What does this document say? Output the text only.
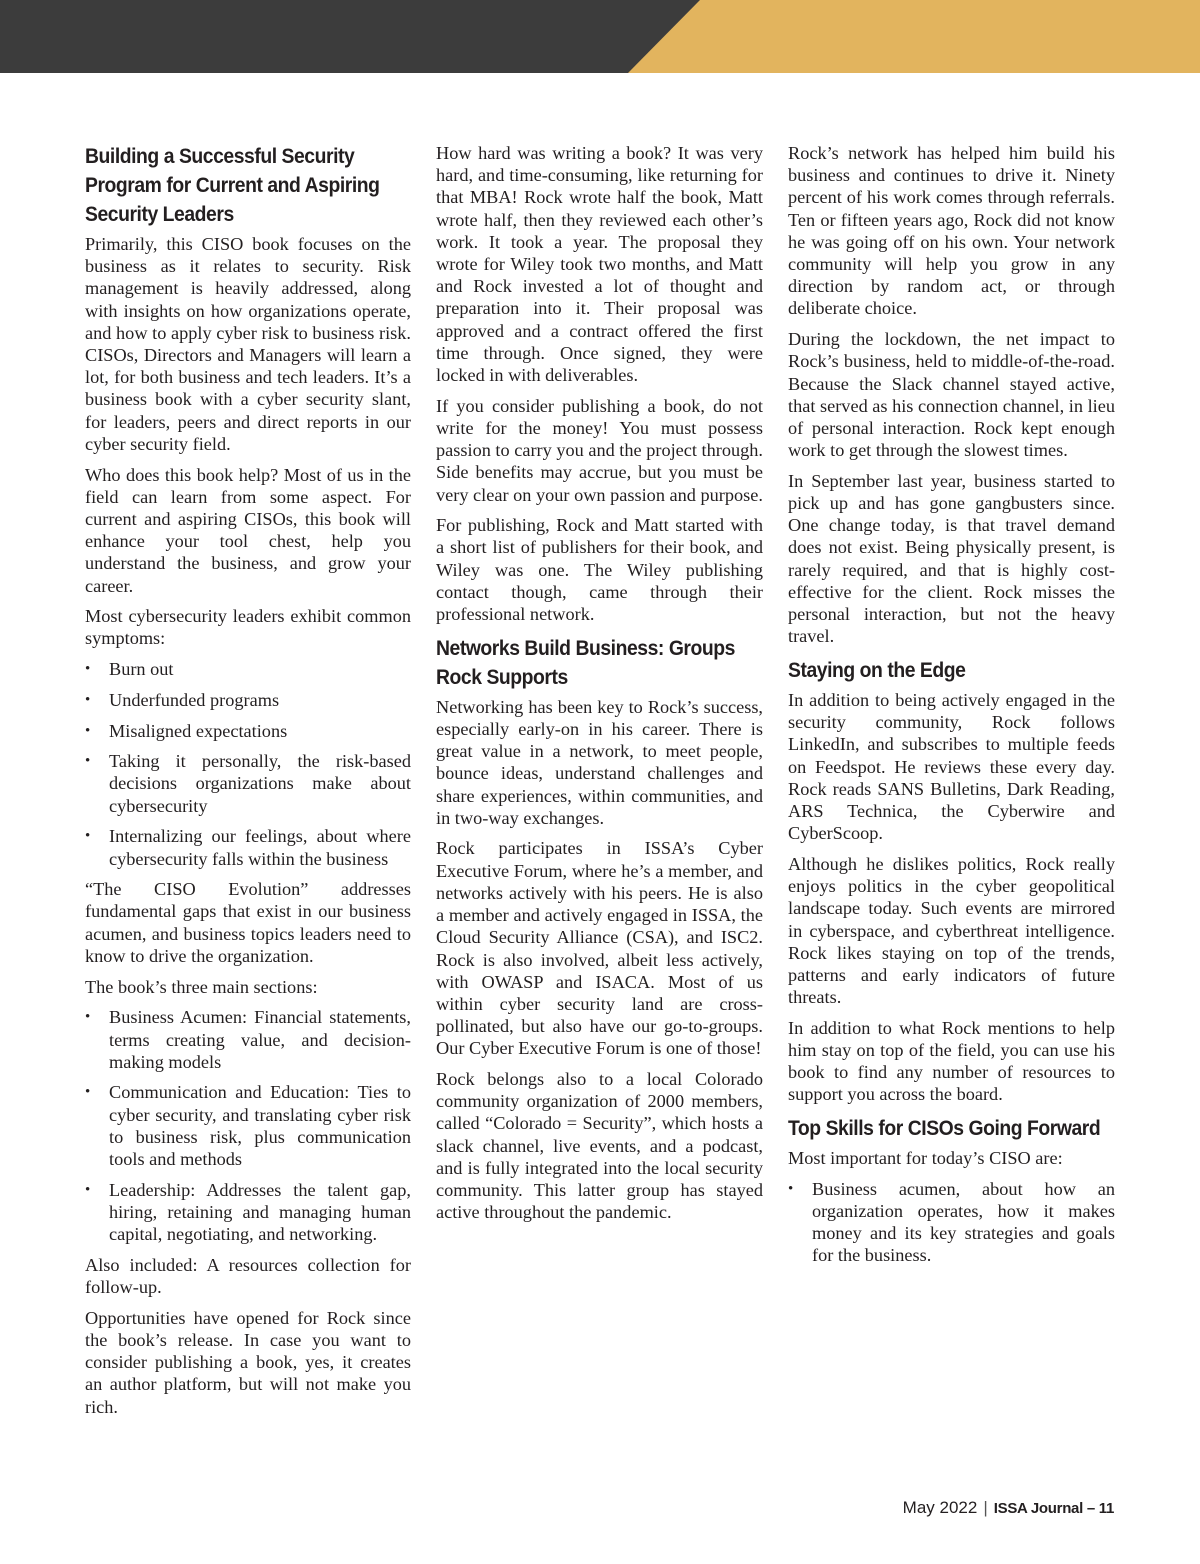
Building a Successful Security Program for Current and Aspiring Security Leaders

Primarily, this CISO book focuses on the business as it relates to security. Risk management is heavily addressed, along with insights on how organizations operate, and how to apply cyber risk to business risk. CISOs, Directors and Managers will learn a lot, for both business and tech leaders. It’s a business book with a cyber security slant, for leaders, peers and direct reports in our cyber security field.

Who does this book help? Most of us in the field can learn from some aspect. For current and aspiring CISOs, this book will enhance your tool chest, help you understand the business, and grow your career.

Most cybersecurity leaders exhibit common symptoms:

• Burn out
• Underfunded programs
• Misaligned expectations
• Taking it personally, the risk-based decisions organizations make about cybersecurity
• Internalizing our feelings, about where cybersecurity falls within the business

“The CISO Evolution” addresses fundamental gaps that exist in our business acumen, and business topics leaders need to know to drive the organization.

The book’s three main sections:

• Business Acumen: Financial statements, terms creating value, and decision-making models
• Communication and Education: Ties to cyber security, and translating cyber risk to business risk, plus communication tools and methods
• Leadership: Addresses the talent gap, hiring, retaining and managing human capital, negotiating, and networking.

Also included: A resources collection for follow-up.

Opportunities have opened for Rock since the book’s release. In case you want to consider publishing a book, yes, it creates an author platform, but will not make you rich.

How hard was writing a book? It was very hard, and time-consuming, like returning for that MBA! Rock wrote half the book, Matt wrote half, then they reviewed each other’s work. It took a year. The proposal they wrote for Wiley took two months, and Matt and Rock invested a lot of thought and preparation into it. Their proposal was approved and a contract offered the first time through. Once signed, they were locked in with deliverables.

If you consider publishing a book, do not write for the money! You must possess passion to carry you and the project through. Side benefits may accrue, but you must be very clear on your own passion and purpose.

For publishing, Rock and Matt started with a short list of publishers for their book, and Wiley was one. The Wiley publishing contact though, came through their professional network.

Networks Build Business: Groups Rock Supports

Networking has been key to Rock’s success, especially early-on in his career. There is great value in a network, to meet people, bounce ideas, understand challenges and share experiences, within communities, and in two-way exchanges.

Rock participates in ISSA’s Cyber Executive Forum, where he’s a member, and networks actively with his peers. He is also a member and actively engaged in ISSA, the Cloud Security Alliance (CSA), and ISC2. Rock is also involved, albeit less actively, with OWASP and ISACA. Most of us within cyber security land are cross-pollinated, but also have our go-to-groups. Our Cyber Executive Forum is one of those!

Rock belongs also to a local Colorado community organization of 2000 members, called “Colorado = Security”, which hosts a slack channel, live events, and a podcast, and is fully integrated into the local security community. This latter group has stayed active throughout the pandemic.

Rock’s network has helped him build his business and continues to drive it. Ninety percent of his work comes through referrals. Ten or fifteen years ago, Rock did not know he was going off on his own. Your network community will help you grow in any direction by random act, or through deliberate choice.

During the lockdown, the net impact to Rock’s business, held to middle-of-the-road. Because the Slack channel stayed active, that served as his connection channel, in lieu of personal interaction. Rock kept enough work to get through the slowest times.

In September last year, business started to pick up and has gone gangbusters since. One change today, is that travel demand does not exist. Being physically present, is rarely required, and that is highly cost-effective for the client. Rock misses the personal interaction, but not the heavy travel.

Staying on the Edge

In addition to being actively engaged in the security community, Rock follows LinkedIn, and subscribes to multiple feeds on Feedspot. He reviews these every day. Rock reads SANS Bulletins, Dark Reading, ARS Technica, the Cyberwire and CyberScoop.

Although he dislikes politics, Rock really enjoys politics in the cyber geopolitical landscape today. Such events are mirrored in cyberspace, and cyberthreat intelligence. Rock likes staying on top of the trends, patterns and early indicators of future threats.

In addition to what Rock mentions to help him stay on top of the field, you can use his book to find any number of resources to support you across the board.

Top Skills for CISOs Going Forward

Most important for today’s CISO are:

• Business acumen, about how an organization operates, how it makes money and its key strategies and goals for the business.
May 2022 | ISSA Journal – 11
